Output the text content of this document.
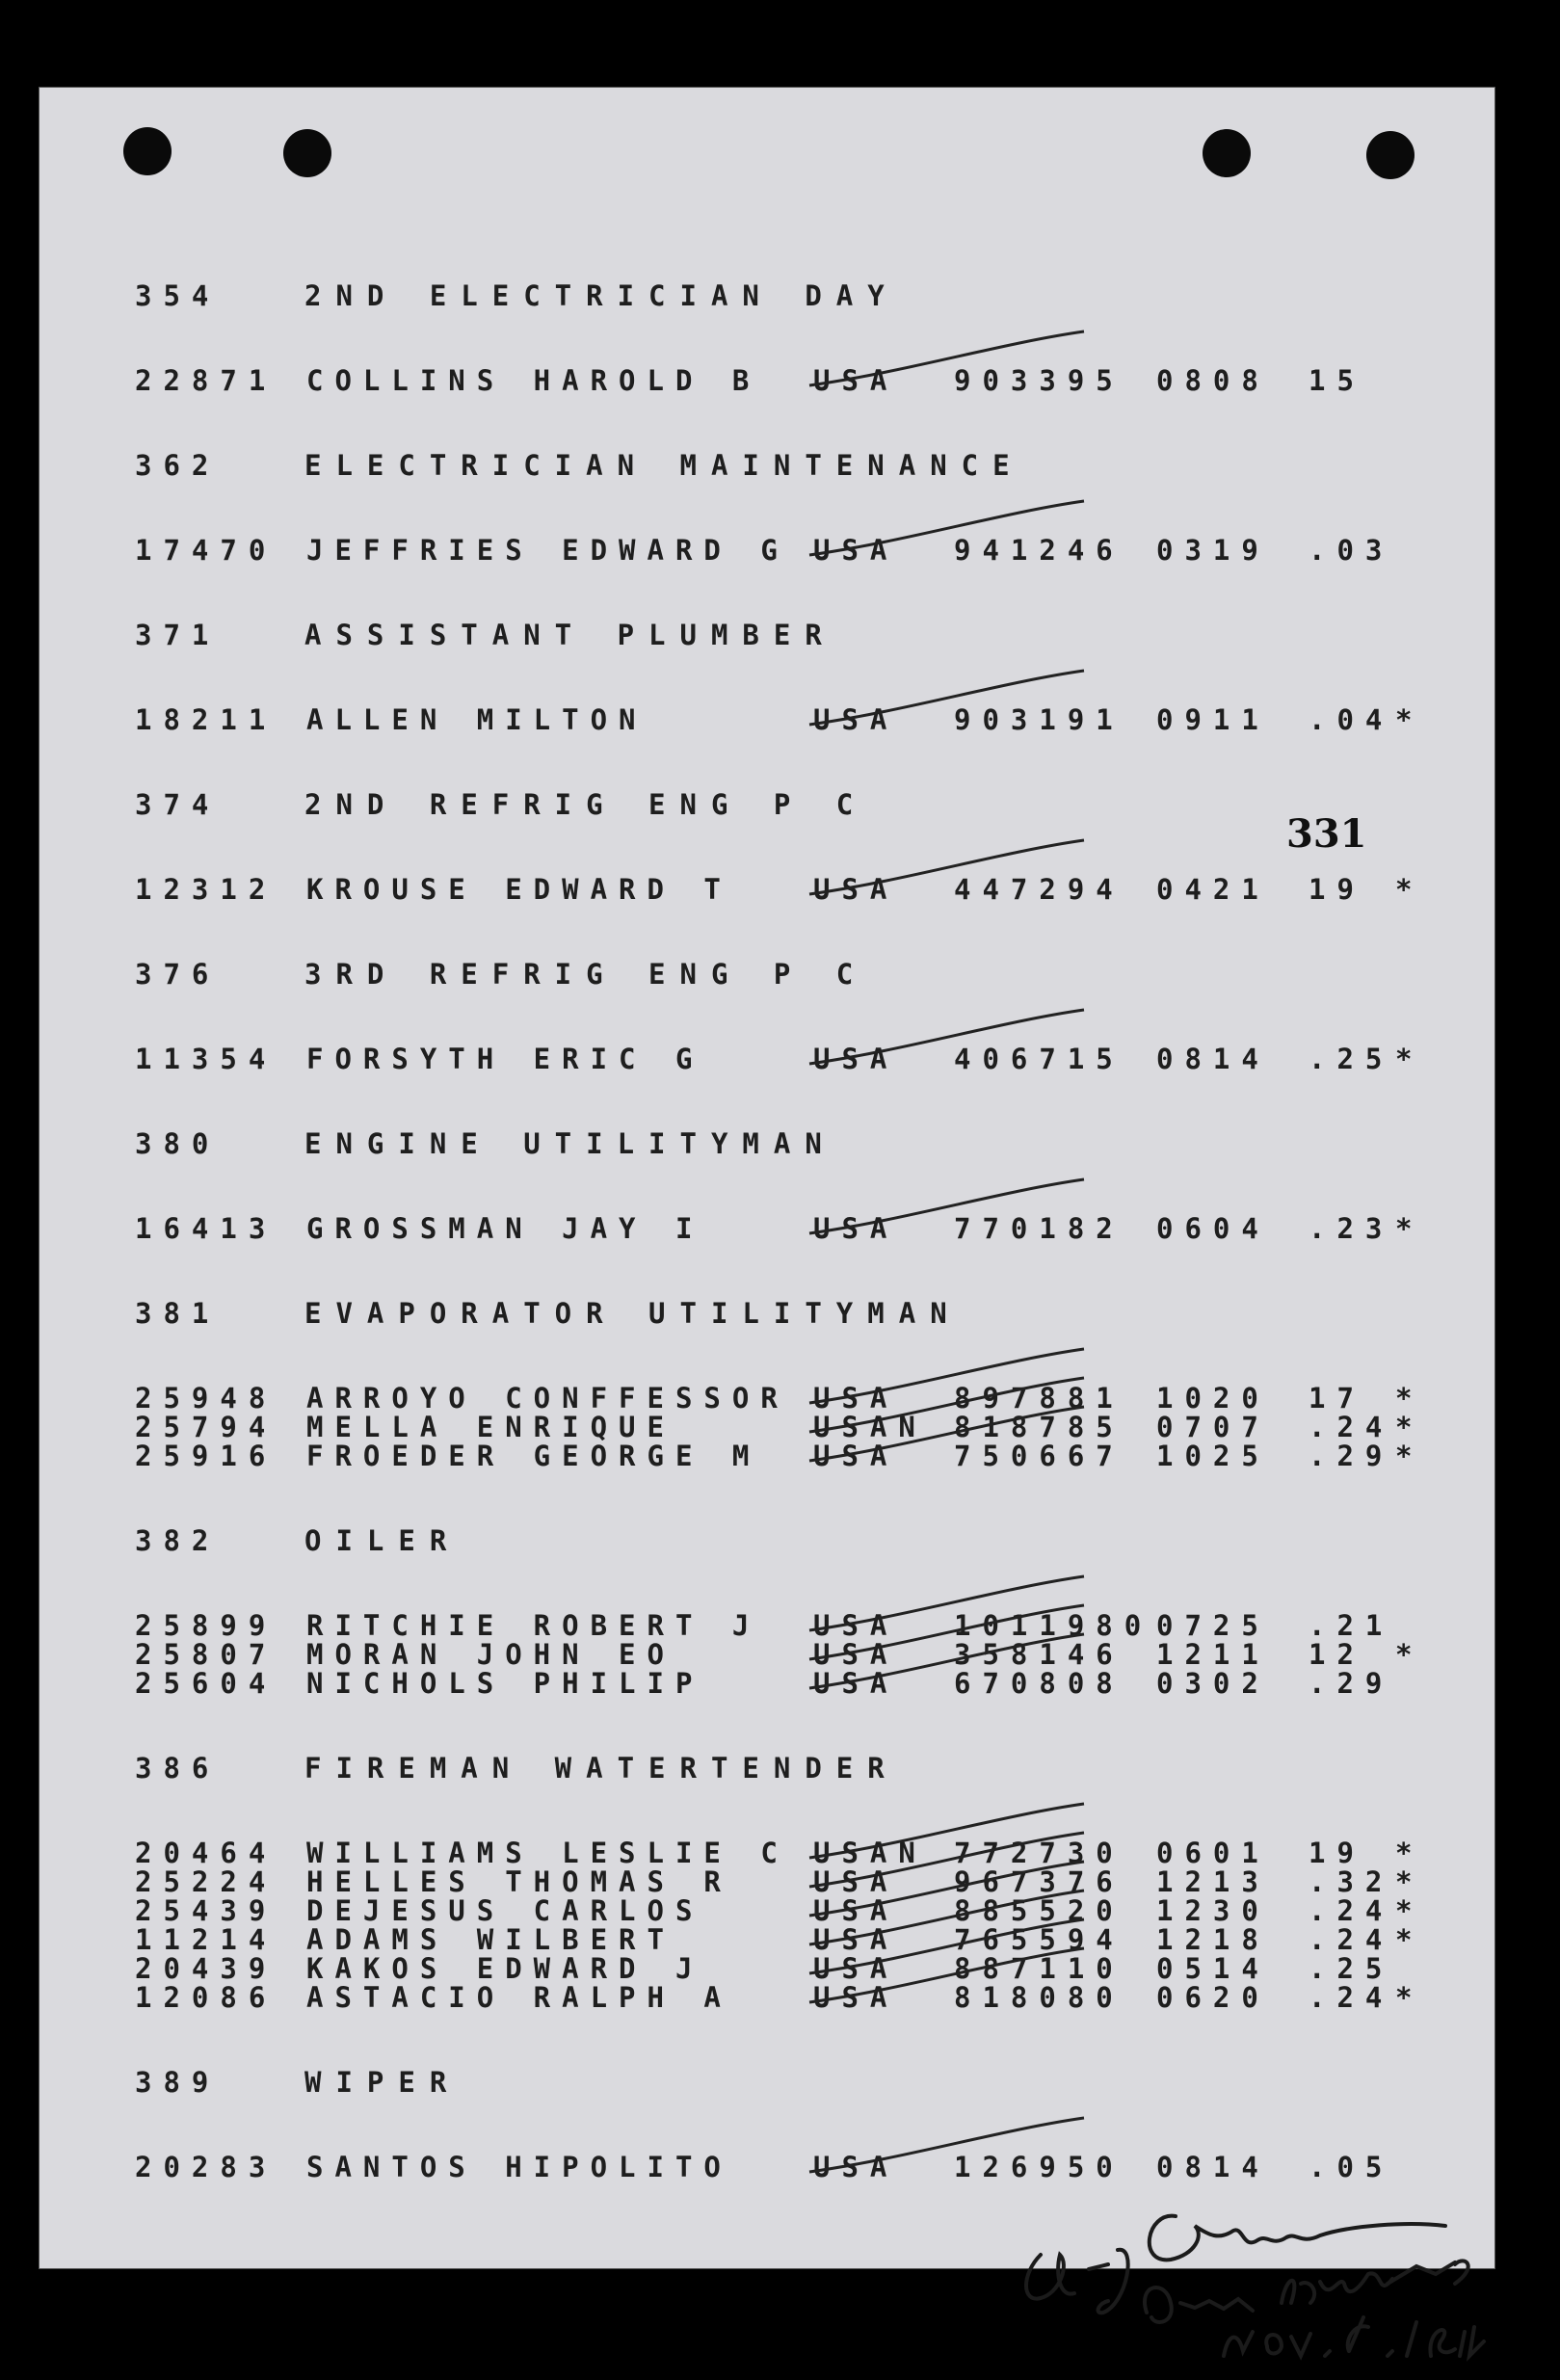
331
354	2ND ELECTRICIAN DAY
22871 COLLINS HAROLD B USA 903395 0808 15
362	ELECTRICIAN MAINTENANCE
17470 JEFFRIES EDWARD G USA 941246 0319 .03
371	ASSISTANT PLUMBER
18211 ALLEN MILTON	USA 903191 0911 .04 *
374	2ND REFRIG ENG P C
12312 KROUSE EDWARD T	USA 447294 0421 19 *
376	3RD REFRIG ENG P C
11354 FORSYTH ERIC G	USA 406715 0814 .25 *
380	ENGINE UTILITYMAN
16413 GROSSMAN JAY I	USA 770182 0604 .23 *
381	EVAPORATOR UTILITYMAN
25948 ARROYO CONFFESSOR USA 897881 1020 17 *
25794 MELLA ENRIQUE	USAN 818785 0707 .24 *
25916 FROEDER GEORGE M USA 750667 1025 .29 *
382	OILER
25899 RITCHIE ROBERT J USA 1011980 0725 .21
25807 MORAN JOHN EO	USA 358146 1211 12 *
25604 NICHOLS PHILIP	USA 670808 0302 .29
386	FIREMAN WATERTENDER
20464 WILLIAMS LESLIE C USAN 772730 0601 19 *
25224 HELLES THOMAS R	USA 967376 1213 .32 *
25439 DEJESUS CARLOS	USA 885520 1230 .24 *
11214 ADAMS WILBERT	USA 765594 1218 .24 *
20439 KAKOS EDWARD J	USA 887110 0514 .25
12086 ASTACIO RALPH A	USA 818080 0620 .24 *
389	WIPER
20283 SANTOS HIPOLITO	USA 126950 0814 .05
